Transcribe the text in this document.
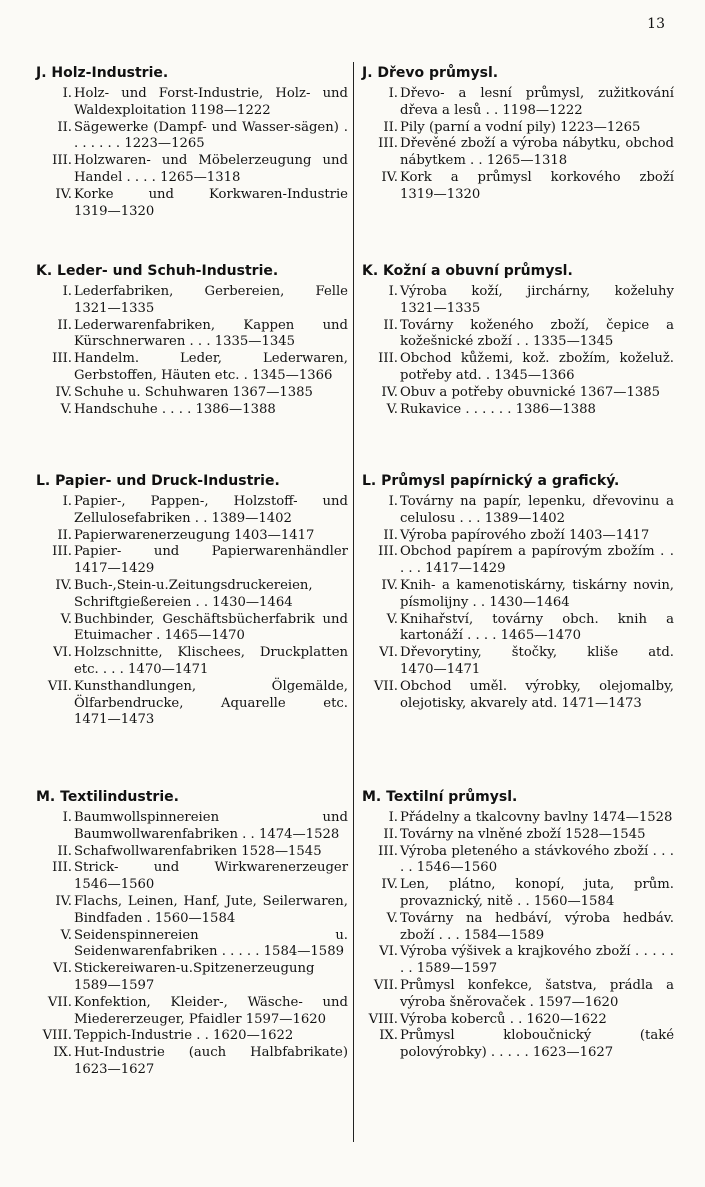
13
J. Holz-Industrie.
I. Holz- und Forst-Industrie, Holz- und Waldexploitation 1198—1222
II. Sägewerke (Dampf- und Wasser-sägen) . . . . . . . 1223—1265
III. Holzwaren- und Möbelerzeugung und Handel . . . . 1265—1318
IV. Korke und Korkwaren-Industrie 1319—1320
K. Leder- und Schuh-Industrie.
I. Lederfabriken, Gerbereien, Felle 1321—1335
II. Lederwarenfabriken, Kappen und Kürschnerwaren . . . 1335—1345
III. Handelm. Leder, Lederwaren, Gerbstoffen, Häuten etc. . 1345—1366
IV. Schuhe u. Schuhwaren 1367—1385
V. Handschuhe . . . . 1386—1388
L. Papier- und Druck-Industrie.
I. Papier-, Pappen-, Holzstoff- und Zellulosefabriken . . 1389—1402
II. Papierwarenerzeugung 1403—1417
III. Papier- und Papierwarenhändler 1417—1429
IV. Buch-,Stein-u.Zeitungsdruckereien, Schriftgießereien . . 1430—1464
V. Buchbinder, Geschäftsbücherfabrik und Etuimacher . 1465—1470
VI. Holzschnitte, Klischees, Druckplatten etc. . . . 1470—1471
VII. Kunsthandlungen, Ölgemälde, Ölfarbendrucke, Aquarelle etc. 1471—1473
M. Textilindustrie.
I. Baumwollspinnereien und Baumwollwarenfabriken . . 1474—1528
II. Schafwollwarenfabriken 1528—1545
III. Strick- und Wirkwarenerzeuger 1546—1560
IV. Flachs, Leinen, Hanf, Jute, Seilerwaren, Bindfaden . 1560—1584
V. Seidenspinnereien u. Seidenwarenfabriken . . . . . 1584—1589
VI. Stickereiwaren-u.Spitzenerzeugung 1589—1597
VII. Konfektion, Kleider-, Wäsche- und Miedererzeuger, Pfaidler 1597—1620
VIII. Teppich-Industrie . . 1620—1622
IX. Hut-Industrie (auch Halbfabrikate) 1623—1627
J. Dřevo průmysl.
I. Dřevo- a lesní průmysl, zužitkování dřeva a lesů . . 1198—1222
II. Pily (parní a vodní pily) 1223—1265
III. Dřevěné zboží a výroba nábytku, obchod nábytkem . . 1265—1318
IV. Kork a průmysl korkového zboží 1319—1320
K. Kožní a obuvní průmysl.
I. Výroba koží, jirchárny, koželuhy 1321—1335
II. Továrny koženého zboží, čepice a kožešnické zboží . . 1335—1345
III. Obchod kůžemi, kož. zbožím, koželuž. potřeby atd. . 1345—1366
IV. Obuv a potřeby obuvnické 1367—1385
V. Rukavice . . . . . . 1386—1388
L. Průmysl papírnický a grafický.
I. Továrny na papír, lepenku, dřevovinu a celulosu . . . 1389—1402
II. Výroba papírového zboží 1403—1417
III. Obchod papírem a papírovým zbožím . . . . . 1417—1429
IV. Knih- a kamenotiskárny, tiskárny novin, písmolijny . . 1430—1464
V. Knihařství, továrny obch. knih a kartonáží . . . . 1465—1470
VI. Dřevorytiny, štočky, kliše atd. 1470—1471
VII. Obchod uměl. výrobky, olejomalby, olejotisky, akvarely atd. 1471—1473
M. Textilní průmysl.
I. Přádelny a tkalcovny bavlny 1474—1528
II. Továrny na vlněné zboží 1528—1545
III. Výroba pleteného a stávkového zboží . . . . . 1546—1560
IV. Len, plátno, konopí, juta, prům. provaznický, nitě . . 1560—1584
V. Továrny na hedbáví, výroba hedbáv. zboží . . . 1584—1589
VI. Výroba výšivek a krajkového zboží . . . . . . . 1589—1597
VII. Průmysl konfekce, šatstva, prádla a výroba šněrovaček . 1597—1620
VIII. Výroba koberců . . 1620—1622
IX. Průmysl kloboučnický (také polovýrobky) . . . . . 1623—1627
